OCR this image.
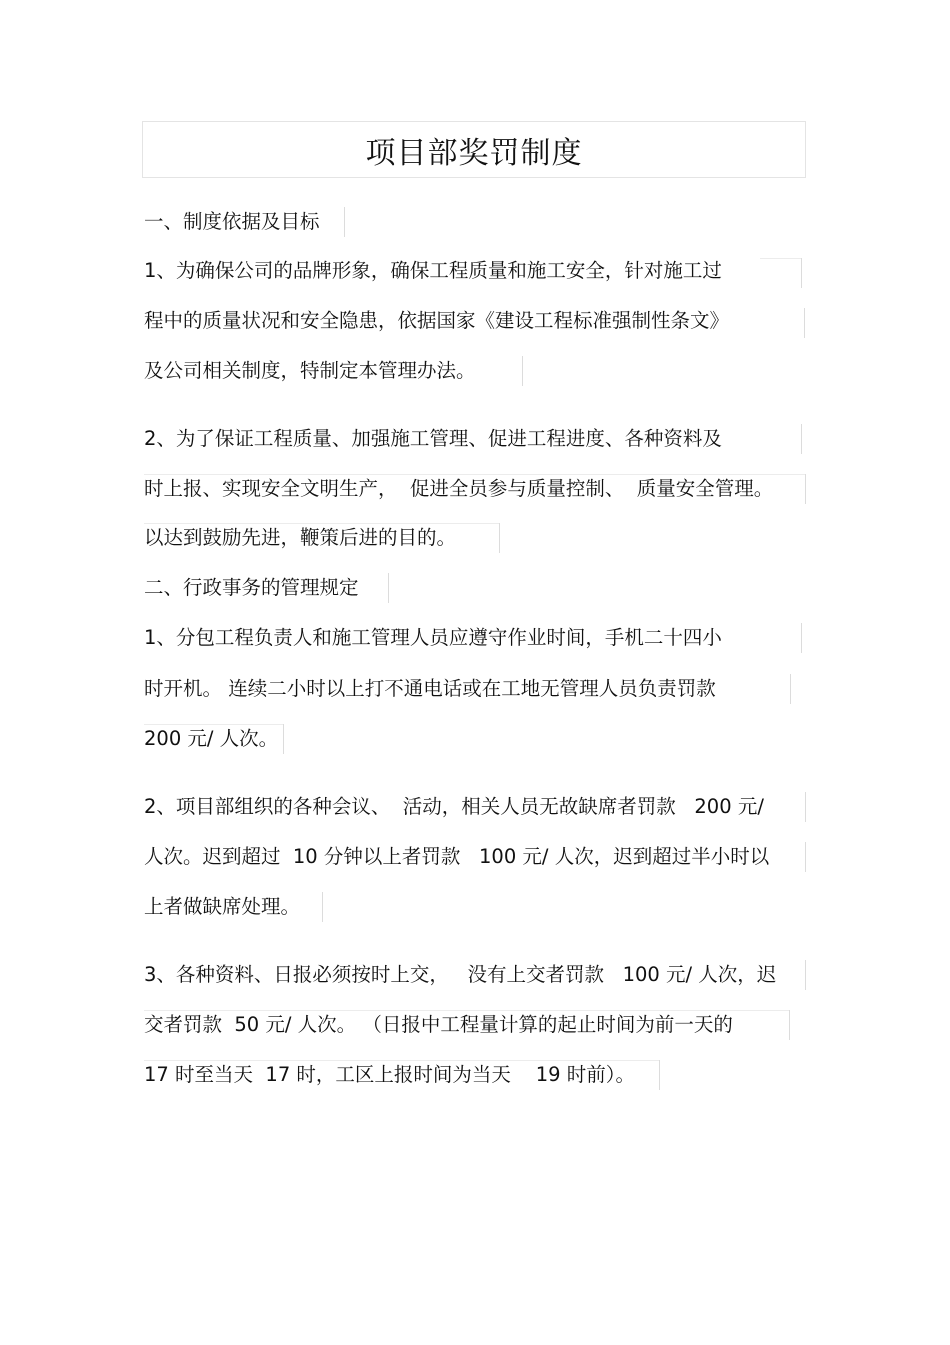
项目部奖罚制度
一、制度依据及目标
1、为确保公司的品牌形象，确保工程质量和施工安全，针对施工过
程中的质量状况和安全隐患，依据国家《建设工程标准强制性条文》
及公司相关制度，特制定本管理办法。
2、为了保证工程质量、加强施工管理、促进工程进度、各种资料及
时上报、实现安全文明生产，  促进全员参与质量控制、  质量安全管理。
以达到鼓励先进，鞭策后进的目的。
二、行政事务的管理规定
1、分包工程负责人和施工管理人员应遵守作业时间，手机二十四小
时开机。 连续二小时以上打不通电话或在工地无管理人员负责罚款
200 元/ 人次。
2、项目部组织的各种会议、  活动，相关人员无故缺席者罚款   200 元/
人次。迟到超过  10 分钟以上者罚款   100 元/ 人次，迟到超过半小时以
上者做缺席处理。
3、各种资料、日报必须按时上交，   没有上交者罚款   100 元/ 人次，迟
交者罚款  50 元/ 人次。 （日报中工程量计算的起止时间为前一天的
17 时至当天  17 时，工区上报时间为当天    19 时前）。
